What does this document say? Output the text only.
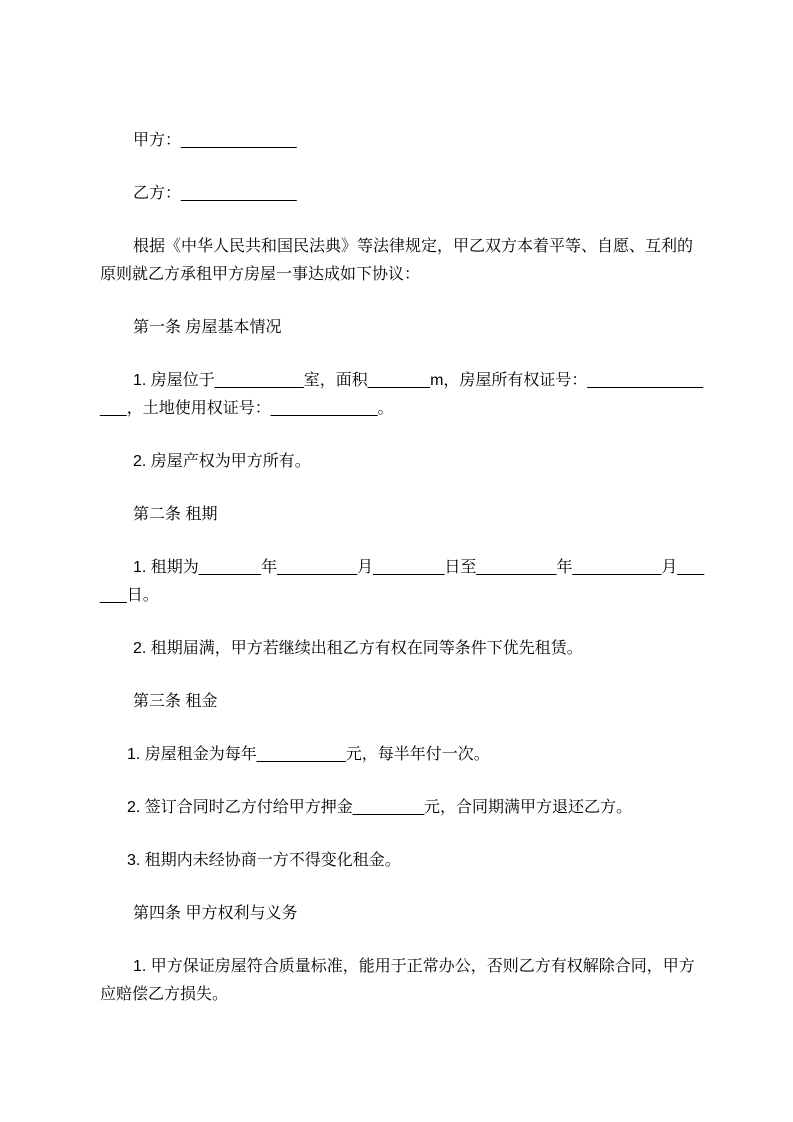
甲方：_____________
乙方：_____________
根据《中华人民共和国民法典》等法律规定，甲乙双方本着平等、自愿、互利的
原则就乙方承租甲方房屋一事达成如下协议：
第一条 房屋基本情况
1. 房屋位于__________室，面积_______m，房屋所有权证号：_____________
___，土地使用权证号：____________。
2. 房屋产权为甲方所有。
第二条 租期
1. 租期为_______年_________月________日至_________年__________月___
___日。
2. 租期届满，甲方若继续出租乙方有权在同等条件下优先租赁。
第三条 租金
1. 房屋租金为每年__________元，每半年付一次。
2. 签订合同时乙方付给甲方押金________元，合同期满甲方退还乙方。
3. 租期内未经协商一方不得变化租金。
第四条 甲方权利与义务
1. 甲方保证房屋符合质量标准，能用于正常办公，否则乙方有权解除合同，甲方
应赔偿乙方损失。
